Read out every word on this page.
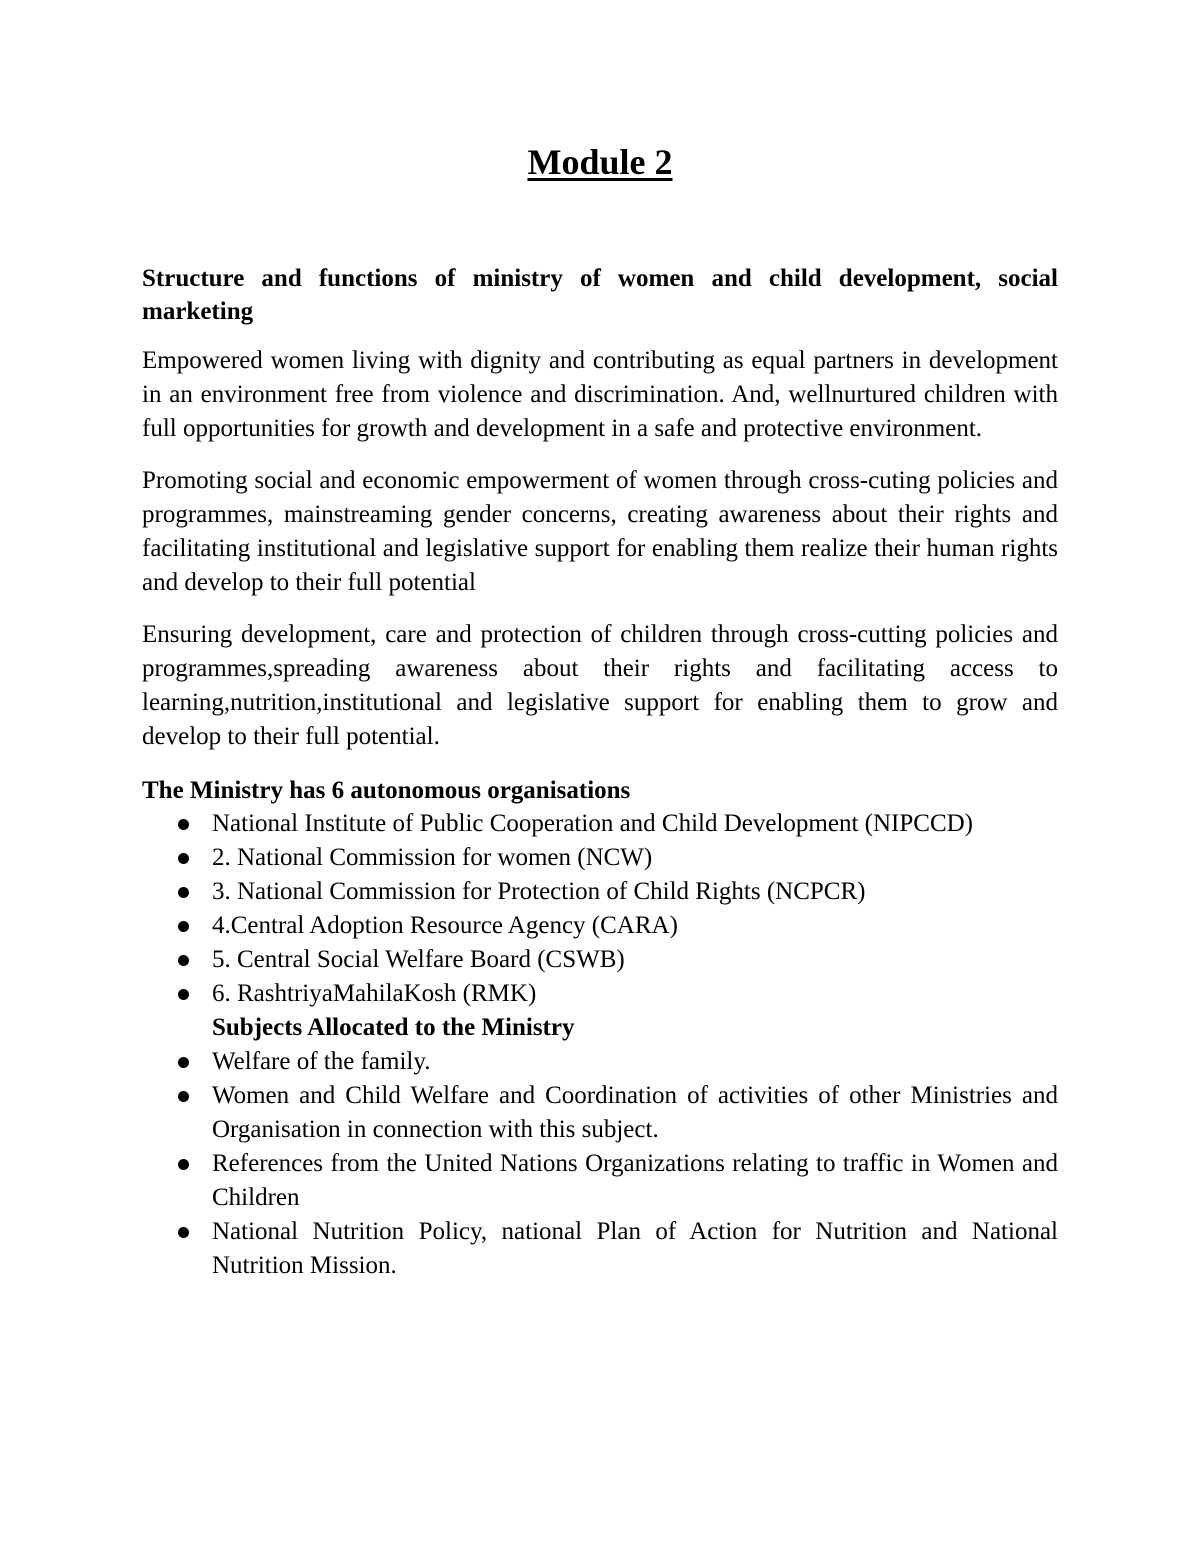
Module 2

Structure and functions of ministry of women and child development, social marketing

Empowered women living with dignity and contributing as equal partners in development in an environment free from violence and discrimination. And, wellnurtured children with full opportunities for growth and development in a safe and protective environment.

Promoting social and economic empowerment of women through cross-cuting policies and programmes, mainstreaming gender concerns, creating awareness about their rights and facilitating institutional and legislative support for enabling them realize their human rights and develop to their full potential

Ensuring development, care and protection of children through cross-cutting policies and programmes,spreading awareness about their rights and facilitating access to learning,nutrition,institutional and legislative support for enabling them to grow and develop to their full potential.

The Ministry has 6 autonomous organisations

National Institute of Public Cooperation and Child Development (NIPCCD)
2. National Commission for women (NCW)
3. National Commission for Protection of Child Rights (NCPCR)
4.Central Adoption Resource Agency (CARA)
5. Central Social Welfare Board (CSWB)
6. RashtriyaMahilaKosh (RMK)

Subjects Allocated to the Ministry

Welfare of the family.
Women and Child Welfare and Coordination of activities of other Ministries and Organisation in connection with this subject.
References from the United Nations Organizations relating to traffic in Women and Children
National Nutrition Policy, national Plan of Action for Nutrition and National Nutrition Mission.
